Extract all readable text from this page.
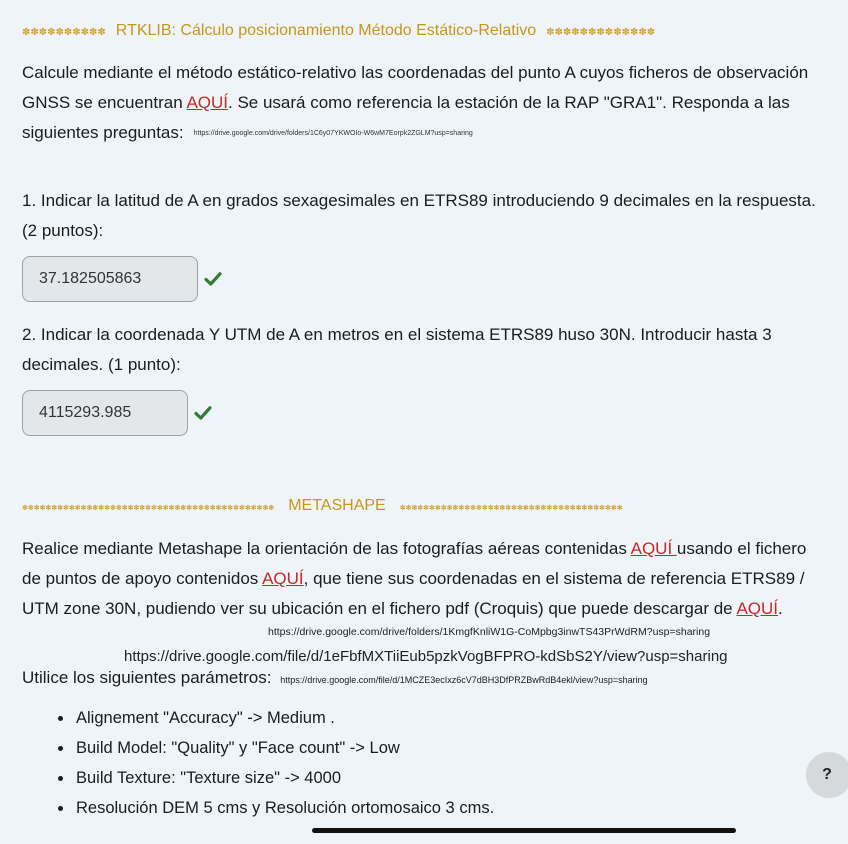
✽✽✽✽✽✽✽✽✽✽ RTKLIB: Cálculo posicionamiento Método Estático-Relativo ✽✽✽✽✽✽✽✽✽✽✽✽✽
Calcule mediante el método estático-relativo las coordenadas del punto A cuyos ficheros de observación GNSS se encuentran AQUÍ. Se usará como referencia la estación de la RAP "GRA1". Responda a las siguientes preguntas: https://drive.google.com/drive/folders/1C6y07YKWOIo-W6wM7Eorpk2ZGLM?usp=sharing
1. Indicar la latitud de A en grados sexagesimales en ETRS89 introduciendo 9 decimales en la respuesta. (2 puntos):
37.182505863
2. Indicar la coordenada Y UTM de A en metros en el sistema ETRS89 huso 30N. Introducir hasta 3 decimales. (1 punto):
4115293.985
✽✽✽✽✽✽✽✽✽✽✽✽✽✽✽✽✽✽✽✽✽✽✽✽✽✽✽✽✽✽✽✽✽✽✽✽✽✽✽✽✽✽✽ METASHAPE ✽✽✽✽✽✽✽✽✽✽✽✽✽✽✽✽✽✽✽✽✽✽✽✽✽✽✽✽✽✽✽✽✽✽✽✽✽✽
Realice mediante Metashape la orientación de las fotografías aéreas contenidas AQUÍ usando el fichero de puntos de apoyo contenidos AQUÍ, que tiene sus coordenadas en el sistema de referencia ETRS89 / UTM zone 30N, pudiendo ver su ubicación en el fichero pdf (Croquis) que puede descargar de AQUÍ.
https://drive.google.com/drive/folders/1KmgfKnliW1G-CoMpbg3inwTS43PrWdRM?usp=sharing
https://drive.google.com/file/d/1eFbfMXTiiEub5pzkVogBFPRO-kdSbS2Y/view?usp=sharing
Utilice los siguientes parámetros: https://drive.google.com/file/d/1MCZE3ecIxz6cV7dBH3DfPRZBwRdB4ekl/view?usp=sharing
• Alignement "Accuracy" -> Medium .
• Build Model: "Quality" y "Face count" -> Low
• Build Texture: "Texture size" -> 4000
• Resolución DEM 5 cms y Resolución ortomosaico 3 cms.
?
